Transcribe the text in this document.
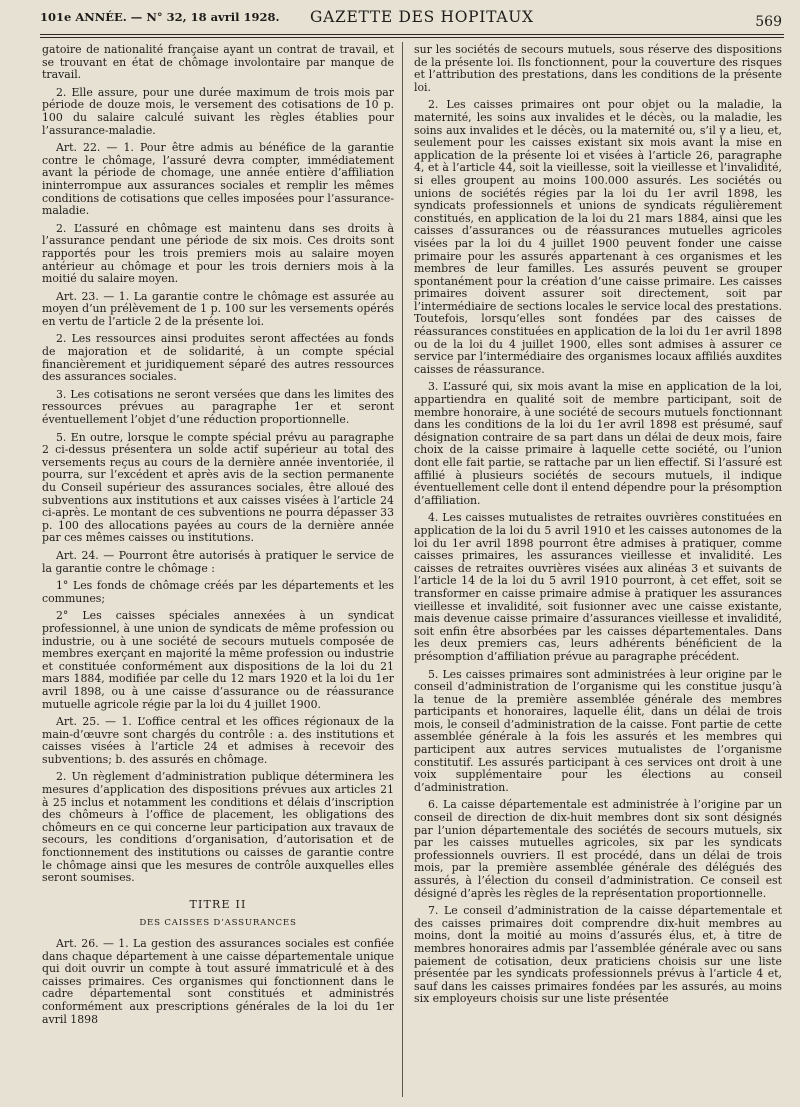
101e ANNÉE. — N° 32, 18 avril 1928. GAZETTE DES HOPITAUX	569

gatoire de nationalité française ayant un contrat de travail, et se trouvant en état de chômage involontaire par manque de travail.

2. Elle assure, pour une durée maximum de trois mois par période de douze mois, le versement des cotisations de 10 p. 100 du salaire calculé suivant les règles établies pour l’assurance-maladie.

Art. 22. — 1. Pour être admis au bénéfice de la garantie contre le chômage, l’assuré devra compter, immédiatement avant la période de chomage, une année entière d’affiliation ininterrompue aux assurances sociales et remplir les mêmes conditions de cotisations que celles imposées pour l’assurance-maladie.

2. L’assuré en chômage est maintenu dans ses droits à l’assurance pendant une période de six mois. Ces droits sont rapportés pour les trois premiers mois au salaire moyen antérieur au chômage et pour les trois derniers mois à la moitié du salaire moyen.

Art. 23. — 1. La garantie contre le chômage est assurée au moyen d’un prélèvement de 1 p. 100 sur les versements opérés en vertu de l’article 2 de la présente loi.

2. Les ressources ainsi produites seront affectées au fonds de majoration et de solidarité, à un compte spécial financièrement et juridiquement séparé des autres ressources des assurances sociales.

3. Les cotisations ne seront versées que dans les limites des ressources prévues au paragraphe 1er et seront éventuellement l’objet d’une réduction proportionnelle.

5. En outre, lorsque le compte spécial prévu au paragraphe 2 ci-dessus présentera un solde actif supérieur au total des versements reçus au cours de la dernière année inventoriée, il pourra, sur l’excédent et après avis de la section permanente du Conseil supérieur des assurances sociales, être alloué des subventions aux institutions et aux caisses visées à l’article 24 ci-après. Le montant de ces subventions ne pourra dépasser 33 p. 100 des allocations payées au cours de la dernière année par ces mêmes caisses ou institutions.

Art. 24. — Pourront être autorisés à pratiquer le service de la garantie contre le chômage :

1° Les fonds de chômage créés par les départements et les communes;

2° Les caisses spéciales annexées à un syndicat professionnel, à une union de syndicats de même profession ou industrie, ou à une société de secours mutuels composée de membres exerçant en majorité la même profession ou industrie et constituée conformément aux dispositions de la loi du 21 mars 1884, modifiée par celle du 12 mars 1920 et la loi du 1er avril 1898, ou à une caisse d’assurance ou de réassurance mutuelle agricole régie par la loi du 4 juillet 1900.

Art. 25. — 1. L’office central et les offices régionaux de la main-d’œuvre sont chargés du contrôle : a. des institutions et caisses visées à l’article 24 et admises à recevoir des subventions; b. des assurés en chômage.

2. Un règlement d’administration publique déterminera les mesures d’application des dispositions prévues aux articles 21 à 25 inclus et notamment les conditions et délais d’inscription des chômeurs à l’office de placement, les obligations des chômeurs en ce qui concerne leur participation aux travaux de secours, les conditions d’organisation, d’autorisation et de fonctionnement des institutions ou caisses de garantie contre le chômage ainsi que les mesures de contrôle auxquelles elles seront soumises.

TITRE II
DES CAISSES D’ASSURANCES

Art. 26. — 1. La gestion des assurances sociales est confiée dans chaque département à une caisse départementale unique qui doit ouvrir un compte à tout assuré immatriculé et à des caisses primaires. Ces organismes qui fonctionnent dans le cadre départemental sont constitués et administrés conformément aux prescriptions générales de la loi du 1er avril 1898

sur les sociétés de secours mutuels, sous réserve des dispositions de la présente loi. Ils fonctionnent, pour la couverture des risques et l’attribution des prestations, dans les conditions de la présente loi.

2. Les caisses primaires ont pour objet ou la maladie, la maternité, les soins aux invalides et le décès, ou la maladie, les soins aux invalides et le décès, ou la maternité ou, s’il y a lieu, et, seulement pour les caisses existant six mois avant la mise en application de la présente loi et visées à l’article 26, paragraphe 4, et à l’article 44, soit la vieillesse, soit la vieillesse et l’invalidité, si elles groupent au moins 100.000 assurés. Les sociétés ou unions de sociétés régies par la loi du 1er avril 1898, les syndicats professionnels et unions de syndicats régulièrement constitués, en application de la loi du 21 mars 1884, ainsi que les caisses d’assurances ou de réassurances mutuelles agricoles visées par la loi du 4 juillet 1900 peuvent fonder une caisse primaire pour les assurés appartenant à ces organismes et les membres de leur familles. Les assurés peuvent se grouper spontanément pour la création d’une caisse primaire. Les caisses primaires doivent assurer soit directement, soit par l’intermédiaire de sections locales le service local des prestations. Toutefois, lorsqu’elles sont fondées par des caisses de réassurances constituées en application de la loi du 1er avril 1898 ou de la loi du 4 juillet 1900, elles sont admises à assurer ce service par l’intermédiaire des organismes locaux affiliés auxdites caisses de réassurance.

3. L’assuré qui, six mois avant la mise en application de la loi, appartiendra en qualité soit de membre participant, soit de membre honoraire, à une société de secours mutuels fonctionnant dans les conditions de la loi du 1er avril 1898 est présumé, sauf désignation contraire de sa part dans un délai de deux mois, faire choix de la caisse primaire à laquelle cette société, ou l’union dont elle fait partie, se rattache par un lien effectif. Si l’assuré est affilié à plusieurs sociétés de secours mutuels, il indique éventuellement celle dont il entend dépendre pour la présomption d’affiliation.

4. Les caisses mutualistes de retraites ouvrières constituées en application de la loi du 5 avril 1910 et les caisses autonomes de la loi du 1er avril 1898 pourront être admises à pratiquer, comme caisses primaires, les assurances vieillesse et invalidité. Les caisses de retraites ouvrières visées aux alinéas 3 et suivants de l’article 14 de la loi du 5 avril 1910 pourront, à cet effet, soit se transformer en caisse primaire admise à pratiquer les assurances vieillesse et invalidité, soit fusionner avec une caisse existante, mais devenue caisse primaire d’assurances vieillesse et invalidité, soit enfin être absorbées par les caisses départementales. Dans les deux premiers cas, leurs adhérents bénéficient de la présomption d’affiliation prévue au paragraphe précédent.

5. Les caisses primaires sont administrées à leur origine par le conseil d’administration de l’organisme qui les constitue jusqu’à la tenue de la première assemblée générale des membres participants et honoraires, laquelle élit, dans un délai de trois mois, le conseil d’administration de la caisse. Font partie de cette assemblée générale à la fois les assurés et les membres qui participent aux autres services mutualistes de l’organisme constitutif. Les assurés participant à ces services ont droit à une voix supplémentaire pour les élections au conseil d’administration.

6. La caisse départementale est administrée à l’origine par un conseil de direction de dix-huit membres dont six sont désignés par l’union départementale des sociétés de secours mutuels, six par les caisses mutuelles agricoles, six par les syndicats professionnels ouvriers. Il est procédé, dans un délai de trois mois, par la première assemblée générale des délégués des assurés, à l’élection du conseil d’administration. Ce conseil est désigné d’après les règles de la représentation proportionnelle.

7. Le conseil d’administration de la caisse départementale et des caisses primaires doit comprendre dix-huit membres au moins, dont la moitié au moins d’assurés élus, et, à titre de membres honoraires admis par l’assemblée générale avec ou sans paiement de cotisation, deux praticiens choisis sur une liste présentée par les syndicats professionnels prévus à l’article 4 et, sauf dans les caisses primaires fondées par les assurés, au moins six employeurs choisis sur une liste présentée
